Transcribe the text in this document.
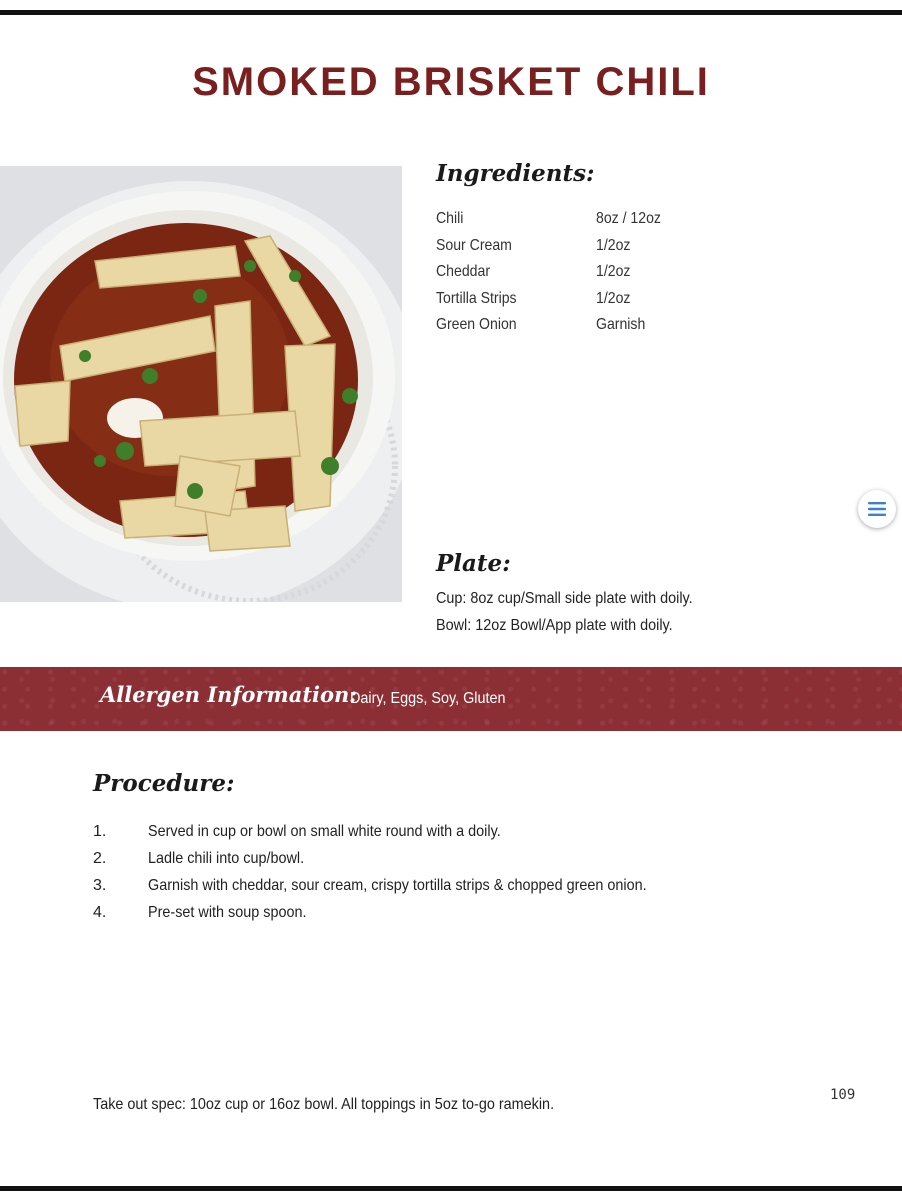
SMOKED BRISKET CHILI
Ingredients:
Chili	8oz / 12oz
Sour Cream	1/2oz
Cheddar	1/2oz
Tortilla Strips	1/2oz
Green Onion	Garnish
Plate:
Cup: 8oz cup/Small side plate with doily.
Bowl: 12oz Bowl/App plate with doily.
Allergen Information:
Dairy, Eggs, Soy, Gluten
Procedure:
1.	Served in cup or bowl on small white round with a doily.
2.	Ladle chili into cup/bowl.
3.	Garnish with cheddar, sour cream, crispy tortilla strips & chopped green onion.
4.	Pre-set with soup spoon.
Take out spec: 10oz cup or 16oz bowl. All toppings in 5oz to-go ramekin.
109
